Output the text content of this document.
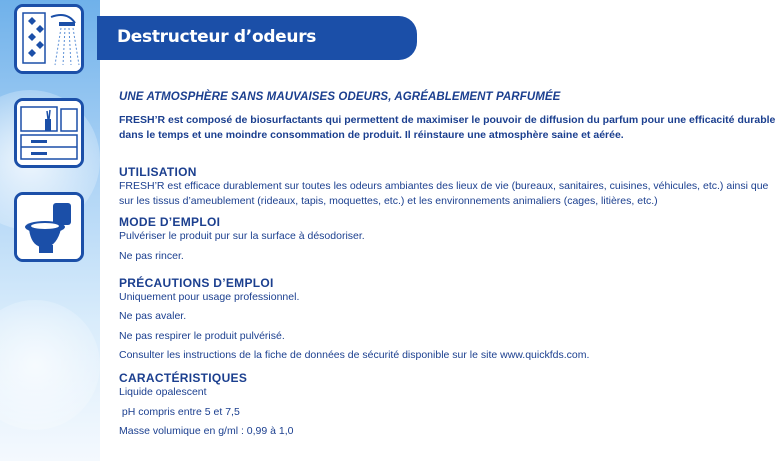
Destructeur d’odeurs

UNE ATMOSPHÈRE SANS MAUVAISES ODEURS, AGRÉABLEMENT PARFUMÉE

FRESH’R est composé de biosurfactants qui permettent de maximiser le pouvoir de diffusion du parfum pour une efficacité durable dans le temps et une moindre consommation de produit. Il réinstaure une atmosphère saine et aérée.

UTILISATION

FRESH’R est efficace durablement sur toutes les odeurs ambiantes des lieux de vie (bureaux, sanitaires, cuisines, véhicules, etc.) ainsi que sur les tissus d’ameublement (rideaux, tapis, moquettes, etc.) et les environnements animaliers (cages, litières, etc.)

MODE D’EMPLOI

Pulvériser le produit pur sur la surface à désodoriser.

Ne pas rincer.

PRÉCAUTIONS D’EMPLOI

Uniquement pour usage professionnel.

Ne pas avaler.

Ne pas respirer le produit pulvérisé.

Consulter les instructions de la fiche de données de sécurité disponible sur le site www.quickfds.com.

CARACTÉRISTIQUES

Liquide opalescent

pH compris entre 5 et 7,5

Masse volumique en g/ml : 0,99 à 1,0
